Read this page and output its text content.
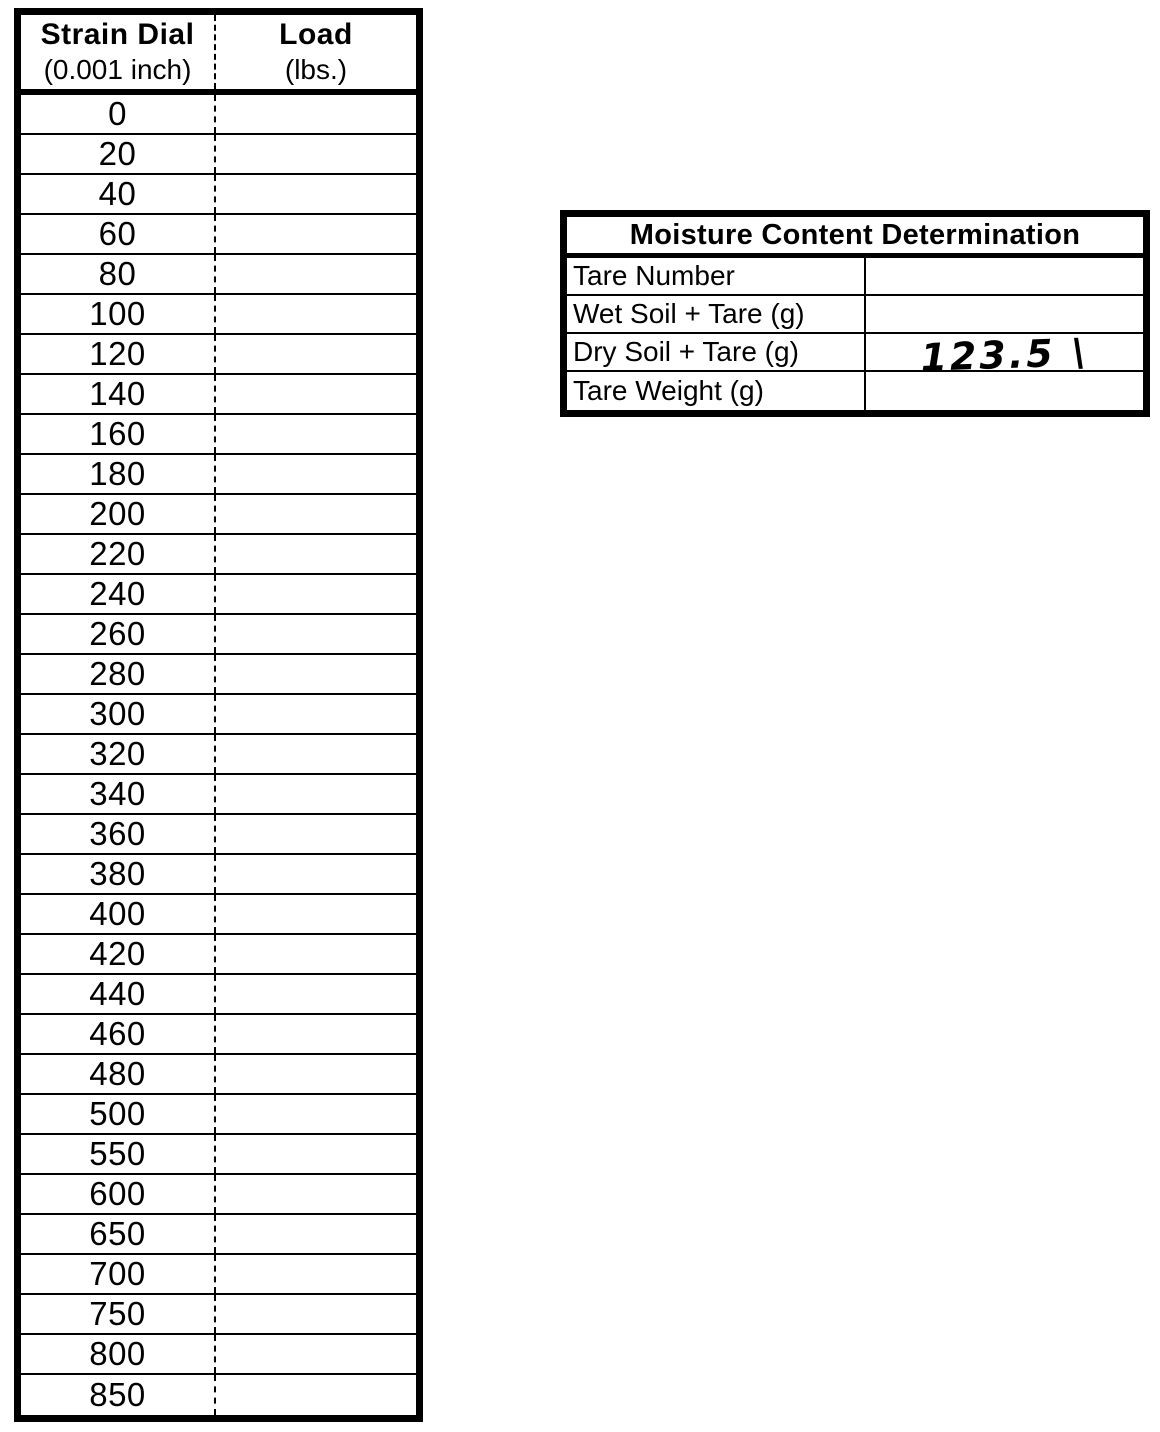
Strain Dial
(0.001 inch)
Load
(lbs.)
0
20
40
60
80
100
120
140
160
180
200
220
240
260
280
300
320
340
360
380
400
420
440
460
480
500
550
600
650
700
750
800
850
Moisture Content Determination
Tare Number
Wet Soil + Tare (g)
Dry Soil + Tare (g)	123.5 \
Tare Weight (g)
